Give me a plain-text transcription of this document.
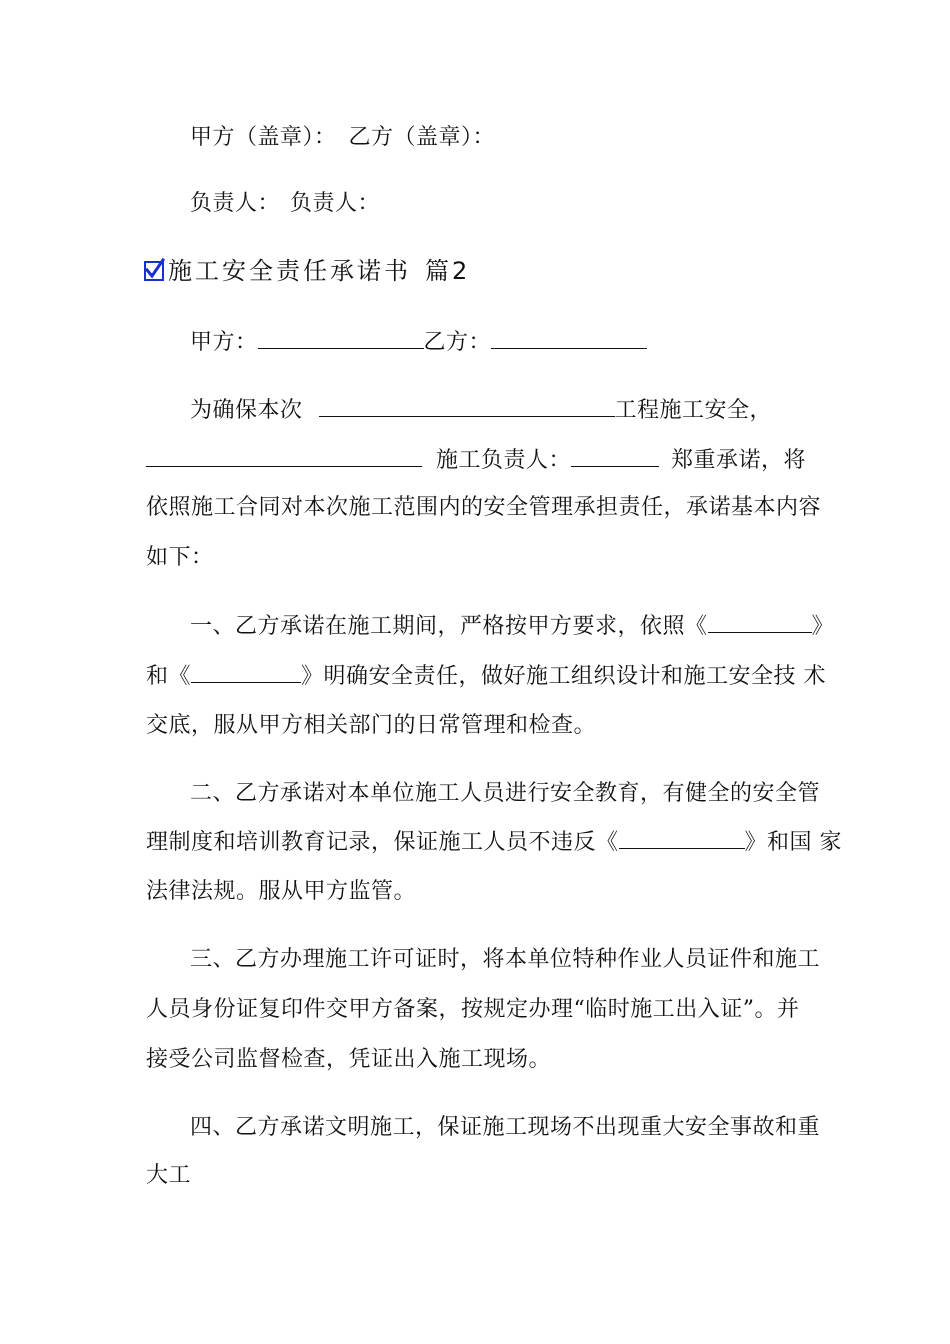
甲方（盖章）： 乙方（盖章）：
负责人： 负责人：
施工安全责任承诺书 篇2
甲方：	乙方：
为确保本次	工程施工安全，
施工负责人：	郑重承诺，将
依照施工合同对本次施工范围内的安全管理承担责任，承诺基本内容
如下：
一、乙方承诺在施工期间，严格按甲方要求，依照《	》
和《	》明确安全责任，做好施工组织设计和施工安全技 术
交底，服从甲方相关部门的日常管理和检查。
二、乙方承诺对本单位施工人员进行安全教育，有健全的安全管
理制度和培训教育记录，保证施工人员不违反《	》和国 家
法律法规。服从甲方监管。
三、乙方办理施工许可证时，将本单位特种作业人员证件和施工
人员身份证复印件交甲方备案，按规定办理“临时施工出入证”。并
接受公司监督检查，凭证出入施工现场。
四、乙方承诺文明施工，保证施工现场不出现重大安全事故和重
大工
